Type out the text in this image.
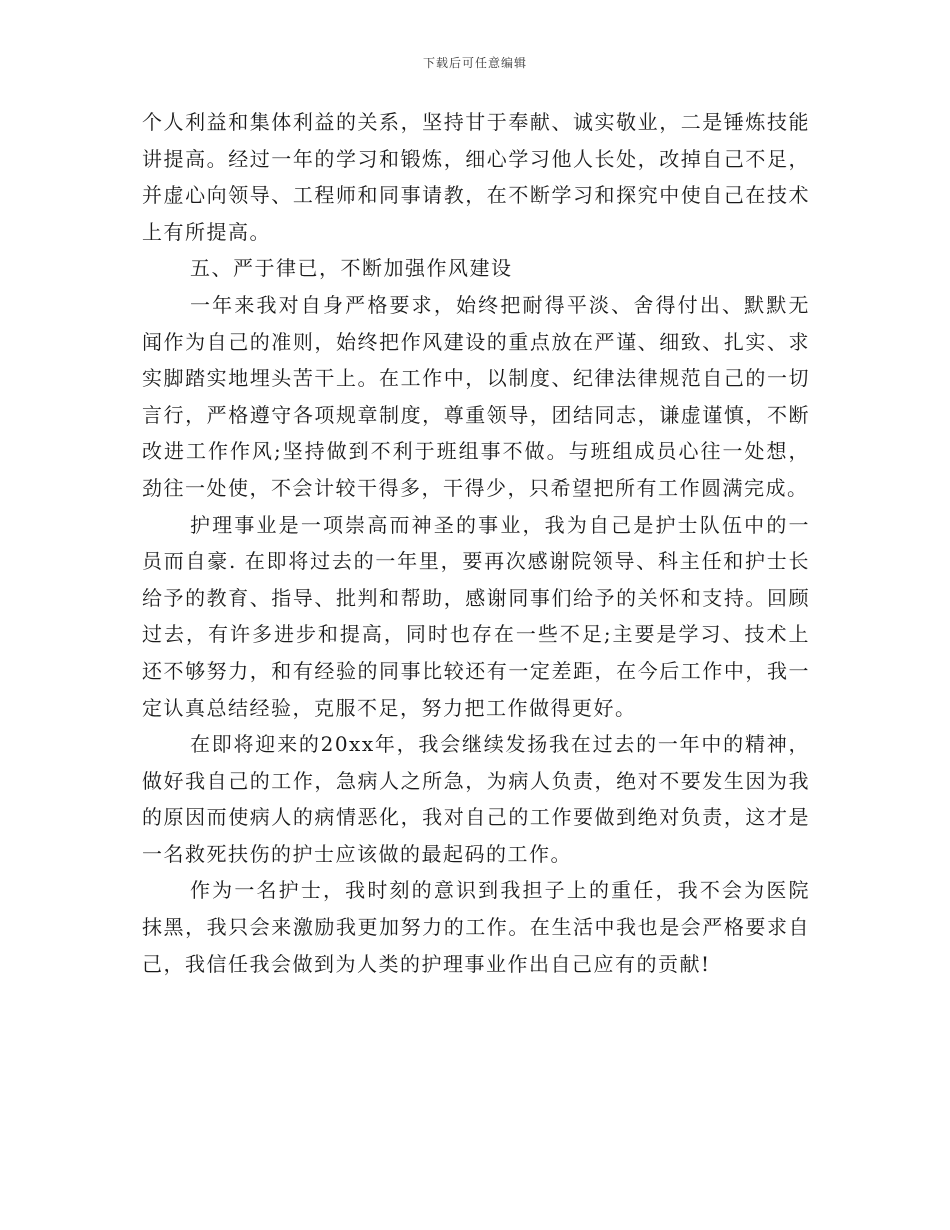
下载后可任意编辑

个人利益和集体利益的关系，坚持甘于奉献、诚实敬业，二是锤炼技能讲提高。经过一年的学习和锻炼，细心学习他人长处，改掉自己不足，并虚心向领导、工程师和同事请教，在不断学习和探究中使自己在技术上有所提高。

五、严于律已，不断加强作风建设

一年来我对自身严格要求，始终把耐得平淡、舍得付出、默默无闻作为自己的准则，始终把作风建设的重点放在严谨、细致、扎实、求实脚踏实地埋头苦干上。在工作中，以制度、纪律法律规范自己的一切言行，严格遵守各项规章制度，尊重领导，团结同志，谦虚谨慎，不断改进工作作风;坚持做到不利于班组事不做。与班组成员心往一处想，劲往一处使，不会计较干得多，干得少，只希望把所有工作圆满完成。

护理事业是一项崇高而神圣的事业，我为自己是护士队伍中的一员而自豪. 在即将过去的一年里，要再次感谢院领导、科主任和护士长给予的教育、指导、批判和帮助，感谢同事们给予的关怀和支持。回顾过去，有许多进步和提高，同时也存在一些不足;主要是学习、技术上还不够努力，和有经验的同事比较还有一定差距，在今后工作中，我一定认真总结经验，克服不足，努力把工作做得更好。

在即将迎来的20xx年，我会继续发扬我在过去的一年中的精神，做好我自己的工作，急病人之所急，为病人负责，绝对不要发生因为我的原因而使病人的病情恶化，我对自己的工作要做到绝对负责，这才是一名救死扶伤的护士应该做的最起码的工作。

作为一名护士，我时刻的意识到我担子上的重任，我不会为医院抹黑，我只会来激励我更加努力的工作。在生活中我也是会严格要求自己，我信任我会做到为人类的护理事业作出自己应有的贡献!
